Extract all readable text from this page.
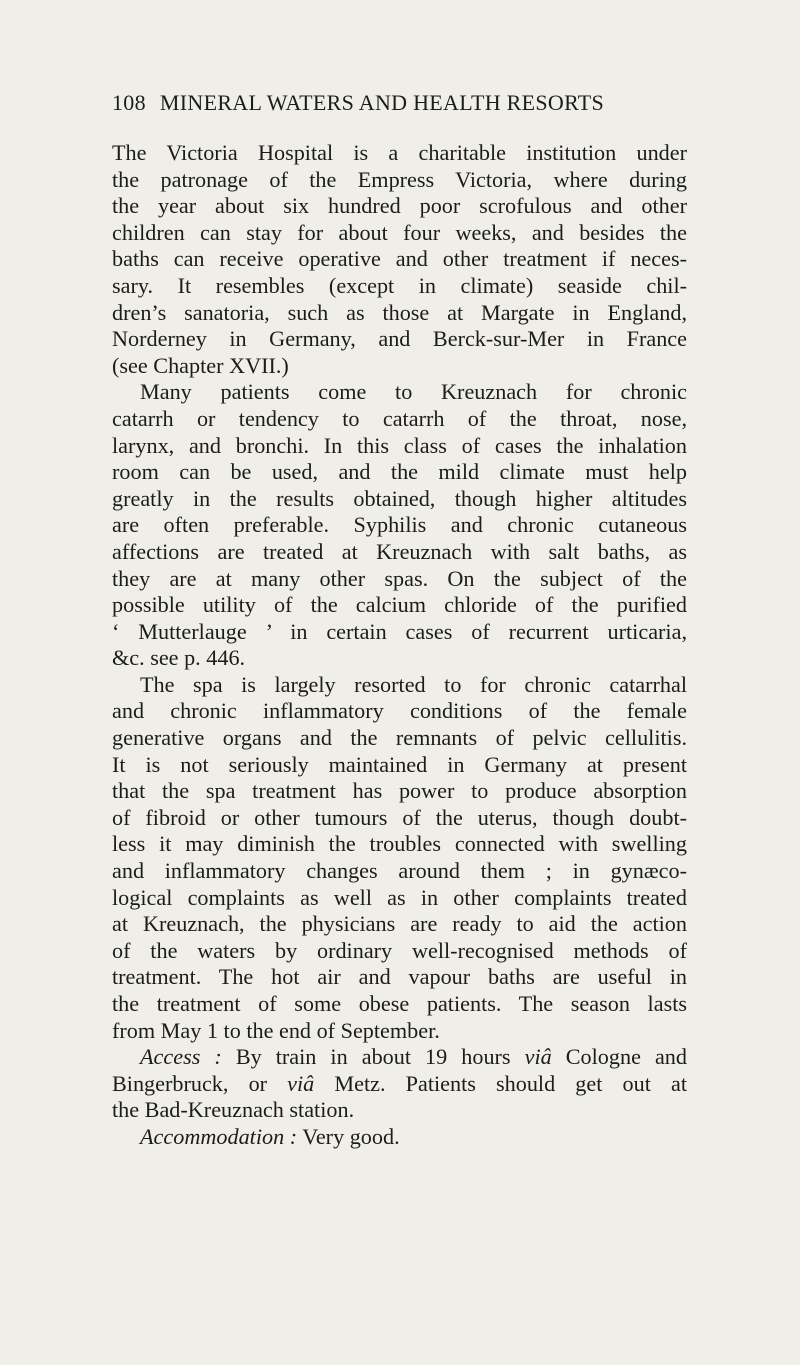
108 MINERAL WATERS AND HEALTH RESORTS

The Victoria Hospital is a charitable institution under

the patronage of the Empress Victoria, where during

the year about six hundred poor scrofulous and other

children can stay for about four weeks, and besides the

baths can receive operative and other treatment if neces-

sary. It resembles (except in climate) seaside chil-

dren’s sanatoria, such as those at Margate in England,

Norderney in Germany, and Berck-sur-Mer in France

(see Chapter XVII.)

Many patients come to Kreuznach for chronic

catarrh or tendency to catarrh of the throat, nose,

larynx, and bronchi. In this class of cases the inhalation

room can be used, and the mild climate must help

greatly in the results obtained, though higher altitudes

are often preferable. Syphilis and chronic cutaneous

affections are treated at Kreuznach with salt baths, as

they are at many other spas. On the subject of the

possible utility of the calcium chloride of the purified

‘ Mutterlauge ’ in certain cases of recurrent urticaria,

&c. see p. 446.

The spa is largely resorted to for chronic catarrhal

and chronic inflammatory conditions of the female

generative organs and the remnants of pelvic cellulitis.

It is not seriously maintained in Germany at present

that the spa treatment has power to produce absorption

of fibroid or other tumours of the uterus, though doubt-

less it may diminish the troubles connected with swelling

and inflammatory changes around them ; in gynæco-

logical complaints as well as in other complaints treated

at Kreuznach, the physicians are ready to aid the action

of the waters by ordinary well-recognised methods of

treatment. The hot air and vapour baths are useful in

the treatment of some obese patients. The season lasts

from May 1 to the end of September.

Access : By train in about 19 hours viâ Cologne and

Bingerbruck, or viâ Metz. Patients should get out at

the Bad-Kreuznach station.

Accommodation : Very good.
